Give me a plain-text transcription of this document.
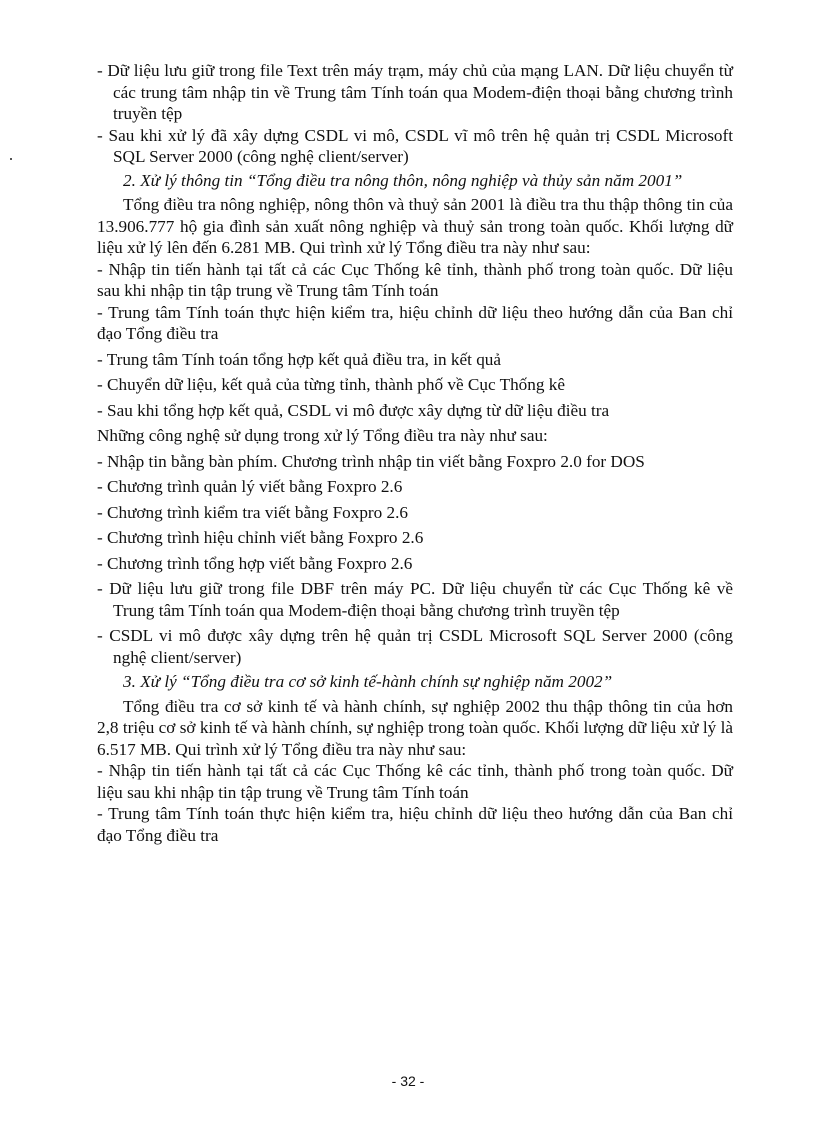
- Dữ liệu lưu giữ trong file Text trên máy trạm, máy chủ của mạng LAN. Dữ liệu chuyển từ các trung tâm nhập tin về Trung tâm Tính toán qua Modem-điện thoại bằng chương trình truyền tệp

- Sau khi xử lý đã xây dựng CSDL vi mô, CSDL vĩ mô trên hệ quản trị CSDL Microsoft SQL Server 2000 (công nghệ client/server)

2. Xử lý thông tin “Tổng điều tra nông thôn, nông nghiệp và thủy sản năm 2001”

Tổng điều tra nông nghiệp, nông thôn và thuỷ sản 2001 là điều tra thu thập thông tin của 13.906.777 hộ gia đình sản xuất nông nghiệp và thuỷ sản trong toàn quốc. Khối lượng dữ liệu xử lý lên đến 6.281 MB. Qui trình xử lý Tổng điều tra này như sau:

- Nhập tin tiến hành tại tất cả các Cục Thống kê tỉnh, thành phố trong toàn quốc. Dữ liệu sau khi nhập tin tập trung về Trung tâm Tính toán

- Trung tâm Tính toán thực hiện kiểm tra, hiệu chỉnh dữ liệu theo hướng dẫn của Ban chỉ đạo Tổng điều tra

- Trung tâm Tính toán tổng hợp kết quả điều tra, in kết quả

- Chuyển dữ liệu, kết quả của từng tỉnh, thành phố về Cục Thống kê

- Sau khi tổng hợp kết quả, CSDL vi mô được xây dựng từ dữ liệu điều tra

Những công nghệ sử dụng trong xử lý Tổng điều tra này như sau:

- Nhập tin bằng bàn phím. Chương trình nhập tin viết bằng Foxpro 2.0 for DOS

- Chương trình quản lý viết bằng Foxpro 2.6

- Chương trình kiểm tra viết bằng Foxpro 2.6

- Chương trình hiệu chỉnh viết bằng Foxpro 2.6

- Chương trình tổng hợp viết bằng Foxpro 2.6

- Dữ liệu lưu giữ trong file DBF trên máy PC. Dữ liệu chuyển từ các Cục Thống kê về Trung tâm Tính toán qua Modem-điện thoại bằng chương trình truyền tệp

- CSDL vi mô được xây dựng trên hệ quản trị CSDL Microsoft SQL Server 2000 (công nghệ client/server)

3. Xử lý “Tổng điều tra cơ sở kinh tế-hành chính sự nghiệp năm 2002”

Tổng điều tra cơ sở kinh tế và hành chính, sự nghiệp 2002 thu thập thông tin của hơn 2,8 triệu cơ sở kinh tế và hành chính, sự nghiệp trong toàn quốc. Khối lượng dữ liệu xử lý là 6.517 MB. Qui trình xử lý Tổng điều tra này như sau:

- Nhập tin tiến hành tại tất cả các Cục Thống kê các tỉnh, thành phố trong toàn quốc. Dữ liệu sau khi nhập tin tập trung về Trung tâm Tính toán

- Trung tâm Tính toán thực hiện kiểm tra, hiệu chỉnh dữ liệu theo hướng dẫn của Ban chỉ đạo Tổng điều tra

- 32 -
